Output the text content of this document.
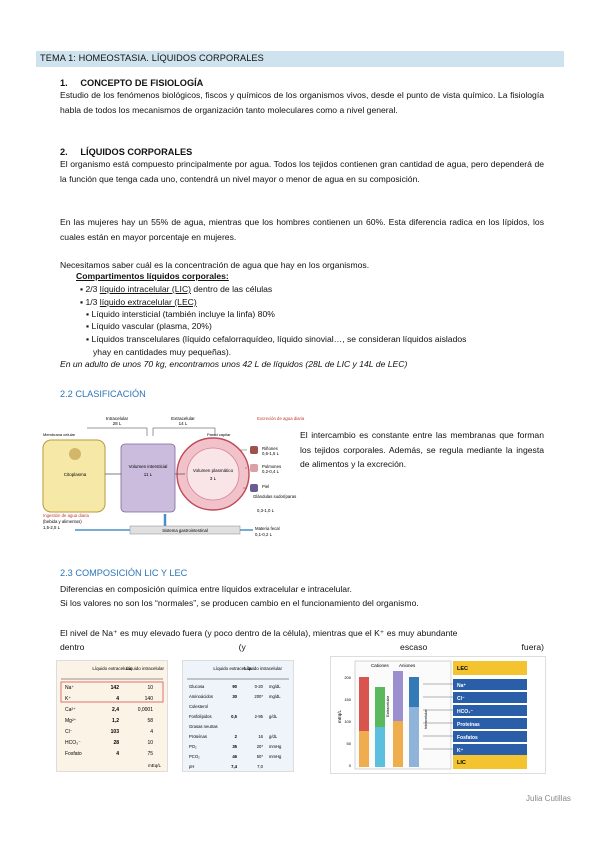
TEMA 1: HOMEOSTASIA. LÍQUIDOS CORPORALES
1.     CONCEPTO DE FISIOLOGÍA
Estudio de los fenómenos biológicos, fiscos y químicos de los organismos vivos, desde el punto de vista químico. La fisiología habla de todos los mecanismos de organización tanto moleculares como a nivel general.
2.     LÍQUIDOS CORPORALES
El organismo está compuesto principalmente por agua. Todos los tejidos contienen gran cantidad de agua, pero dependerá de la función que tenga cada uno, contendrá un nivel mayor o menor de agua en su composición.
En las mujeres hay un 55% de agua, mientras que los hombres contienen un 60%. Esta diferencia radica en los lípidos, los cuales están en mayor porcentaje en mujeres.
Necesitamos saber cuál es la concentración de agua que hay en los organismos.
Compartimentos líquidos corporales:
▪ 2/3 líquido intracelular (LIC) dentro de las células
▪ 1/3 líquido extracelular (LEC)
▪ Líquido intersticial (también incluye la linfa) 80%
▪ Líquido vascular (plasma, 20%)
▪ Líquidos transcelulares (líquido cefalorraquídeo, líquido sinovial…, se consideran líquidos aislados
yhay en cantidades muy pequeñas).
En un adulto de unos 70 kg, encontramos unos 42 L de líquidos (28L de LIC y 14L de LEC)
2.2 CLASIFICACIÓN
Intracelular
28 L
Extracelular
14 L
Membrana celular	Pared capilar
Citoplasma
Volumen intersticial
11 L
Volumen plasmático
3 L
Excreción de agua diaria
Riñones
0,6-1,5 L
Pulmones
0,2-0,4 L
Piel
Glándulas sudoríparas
0,3-1,0 L
Ingestión de agua diaria
(bebida y alimentos)
1,5-2,5 L
Sistema gastrointestinal	Materia fecal
0,1-0,2 L
El intercambio es constante entre las membranas que forman los tejidos corporales. Además, se regula mediante la ingesta de alimentos y la excreción.
2.3 COMPOSICIÓN LIC Y LEC
Diferencias en composición química entre líquidos extracelular e intracelular.
Si los valores no son los “normales”, se producen cambio en el funcionamiento del organismo.
El nivel de Na⁺ es muy elevado fuera (y poco dentro de la célula), mientras que el K⁺ es muy abundante
dentro	(y	escaso	fuera)
Líquido extracelular
Líquido intracelular
Na⁺	142	10
K⁺	4	140
Ca²⁺	2,4	0,0001
Mg²⁺	1,2	58
Cl⁻	103	4
HCO₃⁻	28	10
Fosfato	4	75
mEq/L
Líquido extracelular
Líquido intracelular
Glucosa	90	0-20 mg/dL
Aminoácidos	30	200* mg/dL
Colesterol
Fosfolípidos	0,5	2-95 g/dL
Grasas neutras
Proteínas	2	16 g/dL
PO₂	35	20* mmHg
PCO₂	46	50* mmHg
pH	7,4	7,0
Cationes Aniones
mEq/L
200
150
100
50
0
Extracelular
Intracelular
LEC
Na⁺
Cl⁻
HCO₃⁻
Proteínas
Fosfatos
K⁺
LIC
Julia Cutillas
